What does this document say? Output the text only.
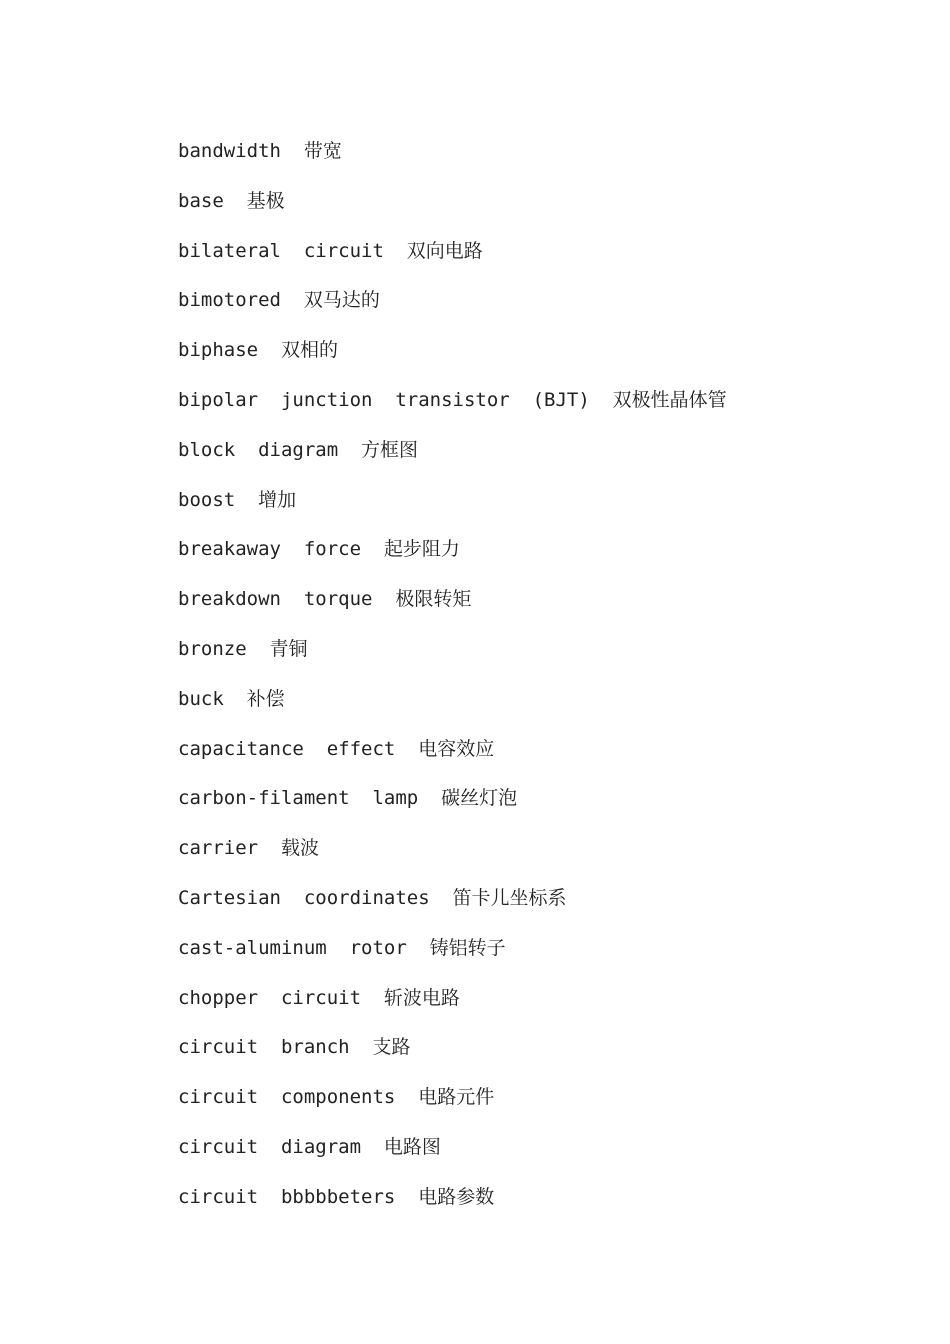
bandwidth  带宽
base  基极
bilateral  circuit  双向电路
bimotored  双马达的
biphase  双相的
bipolar  junction  transistor  (BJT)  双极性晶体管
block  diagram  方框图
boost  增加
breakaway  force  起步阻力
breakdown  torque  极限转矩
bronze  青铜
buck  补偿
capacitance  effect  电容效应
carbon-filament  lamp  碳丝灯泡
carrier  载波
Cartesian  coordinates  笛卡儿坐标系
cast-aluminum  rotor  铸铝转子
chopper  circuit  斩波电路
circuit  branch  支路
circuit  components  电路元件
circuit  diagram  电路图
circuit  bbbbbeters  电路参数
